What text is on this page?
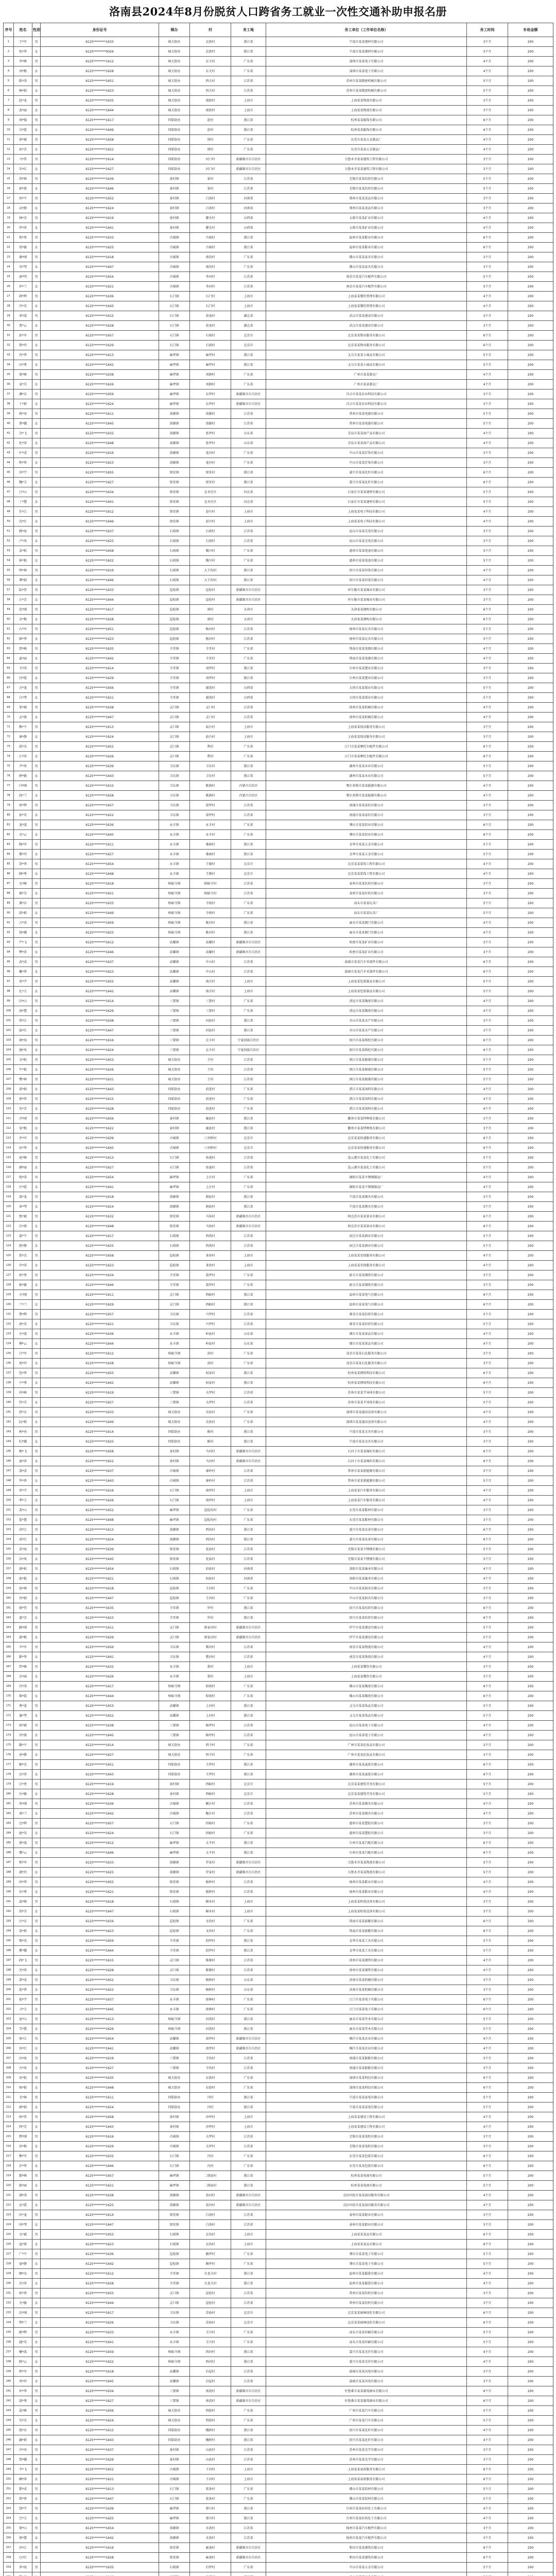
洛南县2024年8月份脱贫人口跨省务工就业一次性交通补助申报名册
序号	姓名	性别	身份证号	镇办	村	务工地	务工单位（工作单位名称）	务工时间	补助金额
1	王*军	男	6125********1633	城关街办	北街村	浙江省	宁波市某某建材有限公司	3个月	200
2	张*华	女	6125********0026	城关街办	北街村	浙江省	宁波市某某建材有限公司	3个月	200
3	李*峰	男	6125********1612	城关街办	东关村	广东省	深圳市某某电子有限公司	4个月	200
4	刘*梅	女	6125********1628	城关街办	东关村	广东省	深圳市某某电子有限公司	4个月	200
5	陈*涛	男	6125********1651	城关街办	西关村	江苏省	苏州市某某精密机械有限公司	5个月	200
6	杨*娟	女	6125********1623	城关街办	西关村	江苏省	苏州市某某精密机械有限公司	5个月	200
7	赵*龙	男	6125********1635	城关街办	南街村	上海市	上海某某物流有限公司	3个月	200
8	黄*丽	女	6125********1644	城关街办	南街村	上海市	上海某某物流有限公司	3个月	200
9	周*强	男	6125********1617	四皓街办	赵村	浙江省	杭州某某服饰有限公司	6个月	200
10	吴*霞	女	6125********1649	四皓街办	赵村	浙江省	杭州某某服饰有限公司	6个月	200
11	徐*斌	男	6125********1658	四皓街办	邢村	广东省	东莞市某某五金制品厂	4个月	200
12	孙*芳	女	6125********1622	四皓街办	邢村	广东省	东莞市某某五金制品厂	4个月	200
13	马*伟	男	6125********1614	四皓街办	河口村	新疆维吾尔自治区	乌鲁木齐某某建筑工程有限公司	3个月	200
14	朱*红	女	6125********1627	四皓街办	河口村	新疆维吾尔自治区	乌鲁木齐某某建筑工程有限公司	3个月	200
15	胡*林	男	6125********1639	景村镇	景村	江苏省	无锡市某某纺织有限公司	5个月	200
16	郭*燕	女	6125********1646	景村镇	景村	江苏省	无锡市某某纺织有限公司	5个月	200
17	何*平	男	6125********1652	景村镇	白洛村	河南省	郑州市某某食品有限公司	3个月	200
18	高*静	女	6125********1624	景村镇	白洛村	河南省	郑州市某某食品有限公司	3个月	200
19	林*杰	男	6125********1619	景村镇	御史村	山西省	太原市某某矿业有限公司	4个月	200
20	罗*萍	女	6125********1641	景村镇	御史村	山西省	太原市某某矿业有限公司	4个月	200
21	郑*勇	男	6125********1633	古城镇	古城村	浙江省	温州市某某鞋业有限公司	6个月	200
22	梁*敏	女	6125********1625	古城镇	古城村	浙江省	温州市某某鞋业有限公司	6个月	200
23	谢*刚	男	6125********1618	古城镇	南沟村	广东省	佛山市某某家具有限公司	3个月	200
24	宋*琴	女	6125********1647	古城镇	南沟村	广东省	佛山市某某家具有限公司	3个月	200
25	唐*明	男	6125********1654	古城镇	李河村	江苏省	南京市某某汽车配件有限公司	5个月	200
26	许*兰	女	6125********1621	古城镇	李河村	江苏省	南京市某某汽车配件有限公司	5个月	200
27	韩*辉	男	6125********1636	石门镇	石门村	上海市	上海某某餐饮管理有限公司	4个月	200
28	冯*英	女	6125********1643	石门镇	石门村	上海市	上海某某餐饮管理有限公司	4个月	200
29	邓*波	男	6125********1615	石门镇	黄龙村	湖北省	武汉市某某建设有限公司	3个月	200
30	曹*云	女	6125********1628	石门镇	黄龙村	湖北省	武汉市某某建设有限公司	3个月	200
31	彭*军	男	6125********1657	石门镇	石坡村	北京市	北京某某物业服务有限公司	6个月	200
32	曾*玲	女	6125********1629	石门镇	石坡村	北京市	北京某某物业服务有限公司	6个月	200
33	肖*华	男	6125********1613	麻坪镇	麻坪村	浙江省	义乌市某某小商品有限公司	5个月	200
34	田*秀	女	6125********1642	麻坪镇	麻坪村	浙江省	义乌市某某小商品有限公司	5个月	200
35	董*峰	男	6125********1638	麻坪镇	刘涧村	广东省	广州市某某制衣厂	4个月	200
36	袁*芬	女	6125********1626	麻坪镇	刘涧村	广东省	广州市某某制衣厂	4个月	200
37	潘*东	男	6125********1659	麻坪镇	东坪村	新疆维吾尔自治区	昌吉市某某农业科技有限公司	3个月	200
38	于*莉	女	6125********1624	麻坪镇	东坪村	新疆维吾尔自治区	昌吉市某某农业科技有限公司	3个月	200
39	蒋*亮	男	6125********1611	洛源镇	洛源村	江苏省	常州市某某电器有限公司	5个月	200
40	蔡*娥	女	6125********1645	洛源镇	洛源村	江苏省	常州市某某电器有限公司	5个月	200
41	余*飞	男	6125********1632	洛源镇	张坪村	山东省	青岛市某某海产品有限公司	4个月	200
42	杜*萍	女	6125********1648	洛源镇	张坪村	山东省	青岛市某某海产品有限公司	4个月	200
43	叶*成	男	6125********1616	洛源镇	龙河村	广东省	中山市某某灯饰有限公司	3个月	200
44	程*香	女	6125********1623	洛源镇	龙河村	广东省	中山市某某灯饰有限公司	3个月	200
45	苏*宇	男	6125********1655	保安镇	保安村	浙江省	嘉兴市某某化纤有限公司	6个月	200
46	魏*玉	女	6125********1627	保安镇	保安村	浙江省	嘉兴市某某化纤有限公司	6个月	200
47	吕*山	男	6125********1634	保安镇	仓圣社区	河北省	石家庄市某某建材有限公司	5个月	200
48	丁*慧	女	6125********1641	保安镇	仓圣社区	河北省	石家庄市某某建材有限公司	5个月	200
49	任*江	男	6125********1612	保安镇	赵川村	上海市	上海某某电子科技有限公司	4个月	200
50	沈*红	女	6125********1649	保安镇	赵川村	上海市	上海某某电子科技有限公司	4个月	200
51	姚*海	男	6125********1637	石坡镇	石坡村	江苏省	昆山市某某光电有限公司	3个月	200
52	卢*凤	女	6125********1625	石坡镇	石坡村	江苏省	昆山市某某光电有限公司	3个月	200
53	姜*松	男	6125********1658	石坡镇	陶川村	广东省	惠州市某某电池有限公司	5个月	200
54	崔*艳	女	6125********1622	石坡镇	陶川村	广东省	惠州市某某电池有限公司	5个月	200
55	钟*林	男	6125********1619	石坡镇	大王沟村	浙江省	绍兴市某某印染有限公司	4个月	200
56	谭*娟	女	6125********1646	石坡镇	大王沟村	浙江省	绍兴市某某印染有限公司	4个月	200
57	陆*伟	男	6125********1633	巡检镇	巡检村	新疆维吾尔自治区	库尔勒市某某棉业有限公司	3个月	200
58	汪*芳	女	6125********1644	巡检镇	巡检村	新疆维吾尔自治区	库尔勒市某某棉业有限公司	3个月	200
59	范*刚	男	6125********1617	巡检镇	郭村	天津市	天津某某钢构有限公司	6个月	200
60	金*梅	女	6125********1628	巡检镇	郭村	天津市	天津某某钢构有限公司	6个月	200
61	石*军	男	6125********1651	巡检镇	杨河村	江苏省	扬州市某某玩具有限公司	5个月	200
62	廖*华	女	6125********1623	巡检镇	杨河村	江苏省	扬州市某某玩具有限公司	5个月	200
63	贾*峰	男	6125********1635	寺耳镇	寺耳村	广东省	珠海市某某电器有限公司	4个月	200
64	夏*丽	女	6125********1642	寺耳镇	寺耳村	广东省	珠海市某某电器有限公司	4个月	200
65	韦*涛	男	6125********1614	寺耳镇	刘坪村	浙江省	台州市某某塑业有限公司	3个月	200
66	付*霞	女	6125********1629	寺耳镇	刘坪村	浙江省	台州市某某塑业有限公司	3个月	200
67	方*龙	男	6125********1656	寺耳镇	谢湾村	山西省	大同市某某煤业有限公司	5个月	200
68	白*琴	女	6125********1621	寺耳镇	谢湾村	山西省	大同市某某煤业有限公司	5个月	200
69	邹*斌	男	6125********1638	灵口镇	灵口村	江苏省	徐州市某某机械有限公司	4个月	200
70	孟*燕	女	6125********1647	灵口镇	灵口村	江苏省	徐州市某某机械有限公司	4个月	200
71	熊*平	男	6125********1613	灵口镇	庙台村	上海市	上海某某保洁服务有限公司	3个月	200
72	秦*静	女	6125********1624	灵口镇	庙台村	上海市	上海某某保洁服务有限公司	3个月	200
73	邱*杰	男	6125********1652	灵口镇	焦村	广东省	江门市某某摩托车配件有限公司	6个月	200
74	江*萍	女	6125********1626	灵口镇	焦村	广东省	江门市某某摩托车配件有限公司	6个月	200
75	尹*勇	男	6125********1639	卫东镇	卫东村	浙江省	湖州市某某木业有限公司	5个月	200
76	薛*敏	女	6125********1643	卫东镇	卫东村	浙江省	湖州市某某木业有限公司	5个月	200
77	闫*刚	男	6125********1615	卫东镇	陈涧村	内蒙古自治区	鄂尔多斯市某某能源有限公司	4个月	200
78	段*兰	女	6125********1628	卫东镇	陈涧村	内蒙古自治区	鄂尔多斯市某某能源有限公司	4个月	200
79	雷*辉	男	6125********1657	卫东镇	梁坪村	江苏省	南通市某某家纺有限公司	3个月	200
80	侯*英	女	6125********1622	卫东镇	梁坪村	江苏省	南通市某某家纺有限公司	3个月	200
81	龙*波	男	6125********1636	永丰镇	永丰村	广东省	肇庆市某某铝业有限公司	6个月	200
82	史*云	女	6125********1645	永丰镇	永丰村	广东省	肇庆市某某铝业有限公司	6个月	200
83	陶*军	男	6125********1611	永丰镇	桑园村	浙江省	金华市某某五金有限公司	5个月	200
84	黎*玲	女	6125********1627	永丰镇	桑园村	浙江省	金华市某某五金有限公司	5个月	200
85	贺*华	男	6125********1654	永丰镇	王塬村	北京市	北京某某装饰工程有限公司	4个月	200
86	顾*秀	女	6125********1648	永丰镇	王塬村	北京市	北京某某装饰工程有限公司	4个月	200
87	毛*峰	男	6125********1618	柏峪寺镇	柏峪寺村	江苏省	泰州市某某医药有限公司	3个月	200
88	郝*芬	女	6125********1621	柏峪寺镇	柏峪寺村	江苏省	泰州市某某医药有限公司	3个月	200
89	龚*东	男	6125********1633	柏峪寺镇	寺坡村	广东省	汕头市某某玩具厂	5个月	200
90	邵*莉	女	6125********1649	柏峪寺镇	寺坡村	广东省	汕头市某某玩具厂	5个月	200
91	万*亮	男	6125********1659	柏峪寺镇	陈河村	浙江省	丽水市某某阀门有限公司	4个月	200
92	钱*娥	女	6125********1625	柏峪寺镇	陈河村	浙江省	丽水市某某阀门有限公司	4个月	200
93	严*飞	男	6125********1612	高耀镇	高耀村	新疆维吾尔自治区	哈密市某某矿业有限公司	3个月	200
94	覃*萍	女	6125********1646	高耀镇	高耀村	新疆维吾尔自治区	哈密市某某矿业有限公司	3个月	200
95	武*成	男	6125********1637	高耀镇	中山村	江苏省	盐城市某某汽车零部件有限公司	6个月	200
96	戴*香	女	6125********1623	高耀镇	中山村	江苏省	盐城市某某汽车零部件有限公司	6个月	200
97	莫*宇	男	6125********1655	高耀镇	南洼村	上海市	上海某某包装制品有限公司	5个月	200
98	孔*玉	女	6125********1642	高耀镇	南洼村	上海市	上海某某包装制品有限公司	5个月	200
99	向*山	男	6125********1614	三要镇	三要村	广东省	清远市某某陶瓷有限公司	4个月	200
100	汤*慧	女	6125********1629	三要镇	三要村	广东省	清远市某某陶瓷有限公司	4个月	200
101	常*江	男	6125********1638	三要镇	河底村	浙江省	舟山市某某水产有限公司	3个月	200
102	温*红	女	6125********1647	三要镇	河底村	浙江省	舟山市某某水产有限公司	3个月	200
103	康*海	男	6125********1616	三要镇	北斗村	宁夏回族自治区	银川市某某枸杞有限公司	6个月	200
104	施*凤	女	6125********1624	三要镇	北斗村	宁夏回族自治区	银川市某某枸杞有限公司	6个月	200
105	文*松	男	6125********1653	城关街办	王村	江苏省	镇江市某某眼镜有限公司	5个月	200
106	牛*艳	女	6125********1626	城关街办	王村	江苏省	镇江市某某眼镜有限公司	5个月	200
107	樊*林	男	6125********1631	城关街办	王村	江苏省	镇江市某某眼镜有限公司	5个月	200
108	葛*娟	女	6125********1643	四皓街办	前进村	广东省	湛江市某某饲料有限公司	4个月	200
109	邢*伟	男	6125********1615	四皓街办	前进村	广东省	湛江市某某饲料有限公司	4个月	200
110	安*芳	女	6125********1628	四皓街办	前进村	广东省	湛江市某某饲料有限公司	4个月	200
111	齐*刚	男	6125********1656	景村镇	庵底村	浙江省	衢州市某某特种纸有限公司	3个月	200
112	易*梅	女	6125********1622	景村镇	庵底村	浙江省	衢州市某某特种纸有限公司	3个月	200
113	乔*军	男	6125********1639	古城镇	八里桥村	北京市	北京某某快递服务有限公司	6个月	200
114	伍*华	女	6125********1645	古城镇	八里桥村	北京市	北京某某快递服务有限公司	6个月	200
115	庞*峰	男	6125********1613	石门镇	鱼池村	江苏省	连云港市某某化工有限公司	5个月	200
116	颜*丽	女	6125********1627	石门镇	鱼池村	江苏省	连云港市某某化工有限公司	5个月	200
117	倪*涛	男	6125********1654	麻坪镇	上庄村	广东省	揭阳市某某不锈钢制品厂	4个月	200
118	庄*霞	女	6125********1641	麻坪镇	上庄村	广东省	揭阳市某某不锈钢制品厂	4个月	200
119	聂*龙	男	6125********1618	洛源镇	涧底村	浙江省	宁波市某某模具有限公司	3个月	200
120	章*琴	女	6125********1624	洛源镇	涧底村	浙江省	宁波市某某模具有限公司	3个月	200
121	鲁*斌	男	6125********1632	保安镇	马角村	新疆维吾尔自治区	阿克苏市某某果业有限公司	6个月	200
122	岳*燕	女	6125********1648	保安镇	马角村	新疆维吾尔自治区	阿克苏市某某果业有限公司	6个月	200
123	翟*平	男	6125********1617	石坡镇	西湾村	江苏省	宿迁市某某酒业有限公司	5个月	200
124	殷*静	女	6125********1625	石坡镇	西湾村	江苏省	宿迁市某某酒业有限公司	5个月	200
125	詹*杰	男	6125********1658	巡检镇	茶房村	上海市	上海某某安保服务有限公司	4个月	200
126	申*萍	女	6125********1623	巡检镇	茶房村	上海市	上海某某安保服务有限公司	4个月	200
127	欧*勇	男	6125********1634	寺耳镇	蒿坪村	广东省	韶关市某某钢铁有限公司	3个月	200
128	耿*敏	女	6125********1646	寺耳镇	蒿坪村	广东省	韶关市某某钢铁有限公司	3个月	200
129	关*刚	男	6125********1611	灵口镇	西峪村	浙江省	温州市某某电气有限公司	6个月	200
130	兰*兰	女	6125********1629	灵口镇	西峪村	浙江省	温州市某某电气有限公司	6个月	200
131	焦*辉	男	6125********1657	卫东镇	兴坪村	江苏省	淮安市某某纺织有限公司	5个月	200
132	俞*英	女	6125********1621	卫东镇	兴坪村	江苏省	淮安市某某纺织有限公司	5个月	200
133	左*波	男	6125********1636	永丰镇	岭底村	山东省	烟台市某某果品有限公司	4个月	200
134	柳*云	女	6125********1644	永丰镇	岭底村	山东省	烟台市某某果品有限公司	4个月	200
135	甘*军	男	6125********1612	柏峪寺镇	黄村	广东省	茂名市某某石化服务有限公司	3个月	200
136	祝*玲	女	6125********1628	柏峪寺镇	黄村	广东省	茂名市某某石化服务有限公司	3个月	200
137	包*华	男	6125********1655	高耀镇	权家村	浙江省	杭州某某网络科技有限公司	6个月	200
138	宁*秀	女	6125********1642	高耀镇	权家村	浙江省	杭州某某网络科技有限公司	6个月	200
139	尚*峰	男	6125********1619	三要镇	大坪村	江苏省	苏州市某某半导体有限公司	5个月	200
140	符*芬	女	6125********1627	三要镇	大坪村	江苏省	苏州市某某半导体有限公司	5个月	200
141	舒*东	男	6125********1633	城关街办	尖角村	广东省	深圳市某某通讯设备有限公司	4个月	200
142	阮*莉	女	6125********1649	城关街办	尖角村	广东省	深圳市某某通讯设备有限公司	4个月	200
143	柯*亮	男	6125********1614	四皓街办	陈村	浙江省	宁波市某某文具有限公司	3个月	200
144	纪*娥	女	6125********1625	四皓街办	陈村	浙江省	宁波市某某文具有限公司	3个月	200
145	梅*飞	男	6125********1658	景村镇	马河村	新疆维吾尔自治区	石河子市某某棉纺有限公司	6个月	200
146	童*萍	女	6125********1622	景村镇	马河村	新疆维吾尔自治区	石河子市某某棉纺有限公司	6个月	200
147	凌*成	男	6125********1637	古城镇	秦岭村	江苏省	常州市某某新能源有限公司	5个月	200
148	毕*香	女	6125********1643	古城镇	秦岭村	江苏省	常州市某某新能源有限公司	5个月	200
149	单*宇	男	6125********1616	石门镇	南坪村	上海市	上海某某汽车服务有限公司	4个月	200
150	季*玉	女	6125********1626	石门镇	南坪村	上海市	上海某某汽车服务有限公司	4个月	200
151	裴*山	男	6125********1652	麻坪镇	巡检沟村	广东省	东莞市某某鞋材有限公司	3个月	200
152	霍*慧	女	6125********1648	麻坪镇	巡检沟村	广东省	东莞市某某鞋材有限公司	3个月	200
153	涂*江	男	6125********1613	洛源镇	西沟村	浙江省	嘉兴市某某皮革有限公司	6个月	200
154	成*红	女	6125********1624	洛源镇	西沟村	浙江省	嘉兴市某某皮革有限公司	6个月	200
155	苗*海	男	6125********1639	保安镇	花庙村	江苏省	无锡市某某不锈钢有限公司	5个月	200
156	谷*凤	女	6125********1645	保安镇	花庙村	江苏省	无锡市某某不锈钢有限公司	5个月	200
157	盛*松	男	6125********1654	石坡镇	眉底村	河南省	洛阳市某某轴承有限公司	4个月	200
158	曲*艳	女	6125********1621	石坡镇	眉底村	河南省	洛阳市某某轴承有限公司	4个月	200
159	翁*林	男	6125********1618	巡检镇	王河村	广东省	中山市某某厨具有限公司	3个月	200
160	冉*娟	女	6125********1647	巡检镇	王河村	广东省	中山市某某厨具有限公司	3个月	200
161	骆*伟	男	6125********1635	寺耳镇	罗村	浙江省	绍兴市某某纺织有限公司	6个月	200
162	蓝*芳	女	6125********1623	寺耳镇	罗村	浙江省	绍兴市某某纺织有限公司	6个月	200
163	路*刚	男	6125********1611	灵口镇	蒋家河村	新疆维吾尔自治区	伊宁市某某建设有限公司	5个月	200
164	游*梅	女	6125********1629	灵口镇	蒋家河村	新疆维吾尔自治区	伊宁市某某建设有限公司	5个月	200
165	辛*军	男	6125********1656	卫东镇	冀河村	江苏省	南京市某某物流有限公司	4个月	200
166	靳*华	女	6125********1641	卫东镇	冀河村	江苏省	南京市某某物流有限公司	4个月	200
167	管*峰	男	6125********1632	永丰镇	董村	上海市	上海某某餐饮有限公司	3个月	200
168	卓*丽	女	6125********1626	永丰镇	董村	上海市	上海某某餐饮有限公司	3个月	200
169	宫*涛	男	6125********1617	柏峪寺镇	阳坡村	广东省	佛山市某某陶瓷有限公司	6个月	200
170	柴*霞	女	6125********1644	柏峪寺镇	阳坡村	广东省	佛山市某某陶瓷有限公司	6个月	200
171	费*龙	男	6125********1653	高耀镇	上河村	浙江省	义乌市某某饰品有限公司	5个月	200
172	蒲*琴	女	6125********1622	高耀镇	上河村	浙江省	义乌市某某饰品有限公司	5个月	200
173	邰*斌	男	6125********1638	三要镇	杨坪村	江苏省	昆山市某某电子有限公司	4个月	200
174	荣*燕	女	6125********1645	三要镇	杨坪村	江苏省	昆山市某某电子有限公司	4个月	200
175	滕*平	男	6125********1614	城关街办	西寺村	广东省	广州市某某化妆品有限公司	3个月	200
176	房*静	女	6125********1627	城关街办	西寺村	广东省	广州市某某化妆品有限公司	3个月	200
177	解*杰	男	6125********1651	四皓街办	王坪村	浙江省	湖州市某某童装有限公司	6个月	200
178	应*萍	女	6125********1643	四皓街办	王坪村	浙江省	湖州市某某童装有限公司	6个月	200
179	宗*勇	男	6125********1619	景村镇	西峪村	北京市	北京某某建筑劳务有限公司	5个月	200
180	丛*敏	女	6125********1628	景村镇	西峪村	北京市	北京某某建筑劳务有限公司	5个月	200
181	巩*刚	男	6125********1636	古城镇	鲍庄村	江苏省	苏州市某某模具有限公司	4个月	200
182	谈*兰	女	6125********1642	古城镇	鲍庄村	江苏省	苏州市某某模具有限公司	4个月	200
183	边*辉	男	6125********1657	石门镇	拐峪村	广东省	惠州市某某塑胶有限公司	3个月	200
184	扈*英	女	6125********1624	石门镇	拐峪村	广东省	惠州市某某塑胶有限公司	3个月	200
185	燕*波	男	6125********1612	麻坪镇	太平村	浙江省	台州市某某汽配有限公司	6个月	200
186	冀*云	女	6125********1646	麻坪镇	太平村	浙江省	台州市某某汽配有限公司	6个月	200
187	郏*军	男	6125********1633	洛源镇	罗家村	新疆维吾尔自治区	乌鲁木齐某某物流有限公司	5个月	200
188	浦*玲	女	6125********1625	洛源镇	罗家村	新疆维吾尔自治区	乌鲁木齐某某物流有限公司	5个月	200
189	尚*华	男	6125********1655	保安镇	板桥村	江苏省	扬州市某某鞋业有限公司	4个月	200
190	农*秀	女	6125********1621	保安镇	板桥村	江苏省	扬州市某某鞋业有限公司	4个月	200
191	温*峰	男	6125********1618	石坡镇	桐木村	上海市	上海某某机电设备有限公司	3个月	200
192	别*芬	女	6125********1647	石坡镇	桐木村	上海市	上海某某机电设备有限公司	3个月	200
193	庄*东	男	6125********1634	巡检镇	文沟村	广东省	珠海市某某游艇有限公司	6个月	200
194	晏*莉	女	6125********1623	巡检镇	文沟村	广东省	珠海市某某游艇有限公司	6个月	200
195	柴*亮	男	6125********1659	寺耳镇	段坪村	浙江省	金华市某某工具有限公司	5个月	200
196	瞿*娥	女	6125********1644	寺耳镇	段坪村	浙江省	金华市某某工具有限公司	5个月	200
197	阎*飞	男	6125********1615	灵口镇	陈塬村	江苏省	徐州市某某钢管有限公司	4个月	200
198	充*萍	女	6125********1628	灵口镇	陈塬村	江苏省	徐州市某某钢管有限公司	4个月	200
199	慕*成	男	6125********1652	卫东镇	杨树村	山东省	济南市某某机械有限公司	3个月	200
200	连*香	女	6125********1622	卫东镇	杨树村	山东省	济南市某某机械有限公司	3个月	200
201	茹*宇	男	6125********1637	永丰镇	保林村	广东省	江门市某某电子有限公司	6个月	200
202	习*玉	女	6125********1645	永丰镇	保林村	广东省	江门市某某电子有限公司	6个月	200
203	宦*山	男	6125********1613	柏峪寺镇	河湾村	浙江省	丽水市某某竹木有限公司	5个月	200
204	艾*慧	女	6125********1626	柏峪寺镇	河湾村	浙江省	丽水市某某竹木有限公司	5个月	200
205	鱼*江	男	6125********1654	高耀镇	黄坪村	新疆维吾尔自治区	喀什市某某农业有限公司	4个月	200
206	容*红	女	6125********1641	高耀镇	黄坪村	新疆维吾尔自治区	喀什市某某农业有限公司	4个月	200
207	向*海	男	6125********1619	三要镇	寺沟村	江苏省	南通市某某船舶有限公司	3个月	200
208	古*凤	女	6125********1627	三要镇	寺沟村	江苏省	南通市某某船舶有限公司	3个月	200
209	易*松	男	6125********1635	城关街办	东街村	广东省	深圳市某某科技有限公司	6个月	200
210	慎*艳	女	6125********1648	城关街办	东街村	广东省	深圳市某某科技有限公司	6个月	200
211	戈*林	男	6125********1611	四皓街办	闫村	浙江省	宁波市某某家电有限公司	5个月	200
212	廖*娟	女	6125********1624	四皓街办	闫村	浙江省	宁波市某某家电有限公司	5个月	200
213	庾*伟	男	6125********1658	景村镇	沙坪村	上海市	上海某某建设工程有限公司	4个月	200
214	终*芳	女	6125********1643	景村镇	沙坪村	上海市	上海某某建设工程有限公司	4个月	200
215	暨*刚	男	6125********1616	古城镇	大坪村	江苏省	无锡市某某电机有限公司	3个月	200
216	居*梅	女	6125********1629	古城镇	大坪村	江苏省	无锡市某某电机有限公司	3个月	200
217	衡*军	男	6125********1632	石门镇	冯村	广东省	东莞市某某包装有限公司	6个月	200
218	步*华	女	6125********1646	石门镇	冯村	广东省	东莞市某某包装有限公司	6个月	200
219	都*峰	男	6125********1657	麻坪镇	二郎庙村	浙江省	杭州某某电商有限公司	5个月	200
220	耿*丽	女	6125********1621	麻坪镇	二郎庙村	浙江省	杭州某某电商有限公司	5个月	200
221	满*涛	男	6125********1638	洛源镇	黄河村	新疆维吾尔自治区	克拉玛依市某某油田服务有限公司	4个月	200
222	弘*霞	女	6125********1625	洛源镇	黄河村	新疆维吾尔自治区	克拉玛依市某某油田服务有限公司	4个月	200
223	匡*龙	男	6125********1614	保安镇	白洛村	江苏省	泰州市某某船业有限公司	3个月	200
224	国*琴	女	6125********1647	保安镇	白洛村	江苏省	泰州市某某船业有限公司	3个月	200
225	文*斌	男	6125********1653	石坡镇	北沟村	上海市	上海某某食品有限公司	6个月	200
226	寇*燕	女	6125********1623	石坡镇	北沟村	上海市	上海某某食品有限公司	6个月	200
227	广*平	男	6125********1636	巡检镇	磨坪村	广东省	肇庆市某某电子有限公司	5个月	200
228	禄*静	女	6125********1642	巡检镇	磨坪村	广东省	肇庆市某某电子有限公司	5个月	200
229	阙*杰	男	6125********1612	寺耳镇	火龙关村	浙江省	温州市某某服装有限公司	4个月	200
230	东*萍	女	6125********1628	寺耳镇	火龙关村	浙江省	温州市某某服装有限公司	4个月	200
231	欧*勇	男	6125********1655	灵口镇	巡检村	江苏省	常州市某某纺机有限公司	3个月	200
232	殳*敏	女	6125********1644	灵口镇	巡检村	江苏省	常州市某某纺机有限公司	3个月	200
233	沃*刚	男	6125********1617	卫东镇	草庙村	北京市	北京某某园林绿化有限公司	6个月	200
234	利*兰	女	6125********1626	卫东镇	草庙村	北京市	北京某某园林绿化有限公司	6个月	200
235	蔚*辉	男	6125********1633	永丰镇	玉川村	广东省	汕头市某某印刷有限公司	5个月	200
236	越*英	女	6125********1641	永丰镇	玉川村	广东省	汕头市某某印刷有限公司	5个月	200
237	夔*波	男	6125********1659	柏峪寺镇	西河村	浙江省	嘉兴市某某光伏有限公司	4个月	200
238	隆*云	女	6125********1622	柏峪寺镇	西河村	浙江省	嘉兴市某某光伏有限公司	4个月	200
239	师*军	男	6125********1618	高耀镇	岩屋村	江苏省	盐城市某某风电有限公司	3个月	200
240	巩*玲	女	6125********1645	高耀镇	岩屋村	江苏省	盐城市某某风电有限公司	3个月	200
241	厍*华	男	6125********1634	三要镇	南湾村	新疆维吾尔自治区	吐鲁番市某某葡萄酒业有限公司	6个月	200
242	聂*秀	女	6125********1627	三要镇	南湾村	新疆维吾尔自治区	吐鲁番市某某葡萄酒业有限公司	6个月	200
243	晁*峰	男	6125********1656	城关街办	西街村	广东省	广州市某某汽车有限公司	5个月	200
244	勾*芬	女	6125********1624	城关街办	西街村	广东省	广州市某某汽车有限公司	5个月	200
245	敖*东	男	6125********1615	四皓街办	槐树村	浙江省	绍兴市某某化纤有限公司	4个月	200
246	融*莉	女	6125********1643	四皓街办	槐树村	浙江省	绍兴市某某化纤有限公司	4个月	200
247	冷*亮	男	6125********1637	景村镇	山底村	江苏省	苏州市某某光学有限公司	3个月	200
248	訾*娥	女	6125********1629	景村镇	山底村	江苏省	苏州市某某光学有限公司	3个月	200
249	辛*飞	男	6125********1652	古城镇	下河村	上海市	上海某某家政服务有限公司	6个月	200
250	阚*萍	女	6125********1621	古城镇	下河村	上海市	上海某某家政服务有限公司	6个月	200
251	那*成	男	6125********1613	石门镇	葛条村	广东省	佛山市某某铝材有限公司	5个月	200
252	简*香	女	6125********1647	石门镇	葛条村	广东省	佛山市某某铝材有限公司	5个月	200
253	饶*宇	男	6125********1639	麻坪镇	蔡川村	浙江省	台州市某某医药化工有限公司	4个月	200
254	空*玉	女	6125********1625	麻坪镇	蔡川村	浙江省	台州市某某医药化工有限公司	4个月	200
255	曾*山	男	6125********1654	洛源镇	水湾村	江苏省	扬州市某某汽车配件有限公司	3个月	200
256	毋*慧	女	6125********1642	洛源镇	水湾村	江苏省	扬州市某某汽车配件有限公司	3个月	200
257	沙*江	男	6125********1616	保安镇	麻池村	新疆维吾尔自治区	和田市某某建筑有限公司	6个月	200
258	乜*红	女	6125********1628	保安镇	麻池村	新疆维吾尔自治区	和田市某某建筑有限公司	6个月	200
259	养*海	男	6125********1635	石坡镇	后坪村	广东省	中山市某某五金有限公司	5个月	200
